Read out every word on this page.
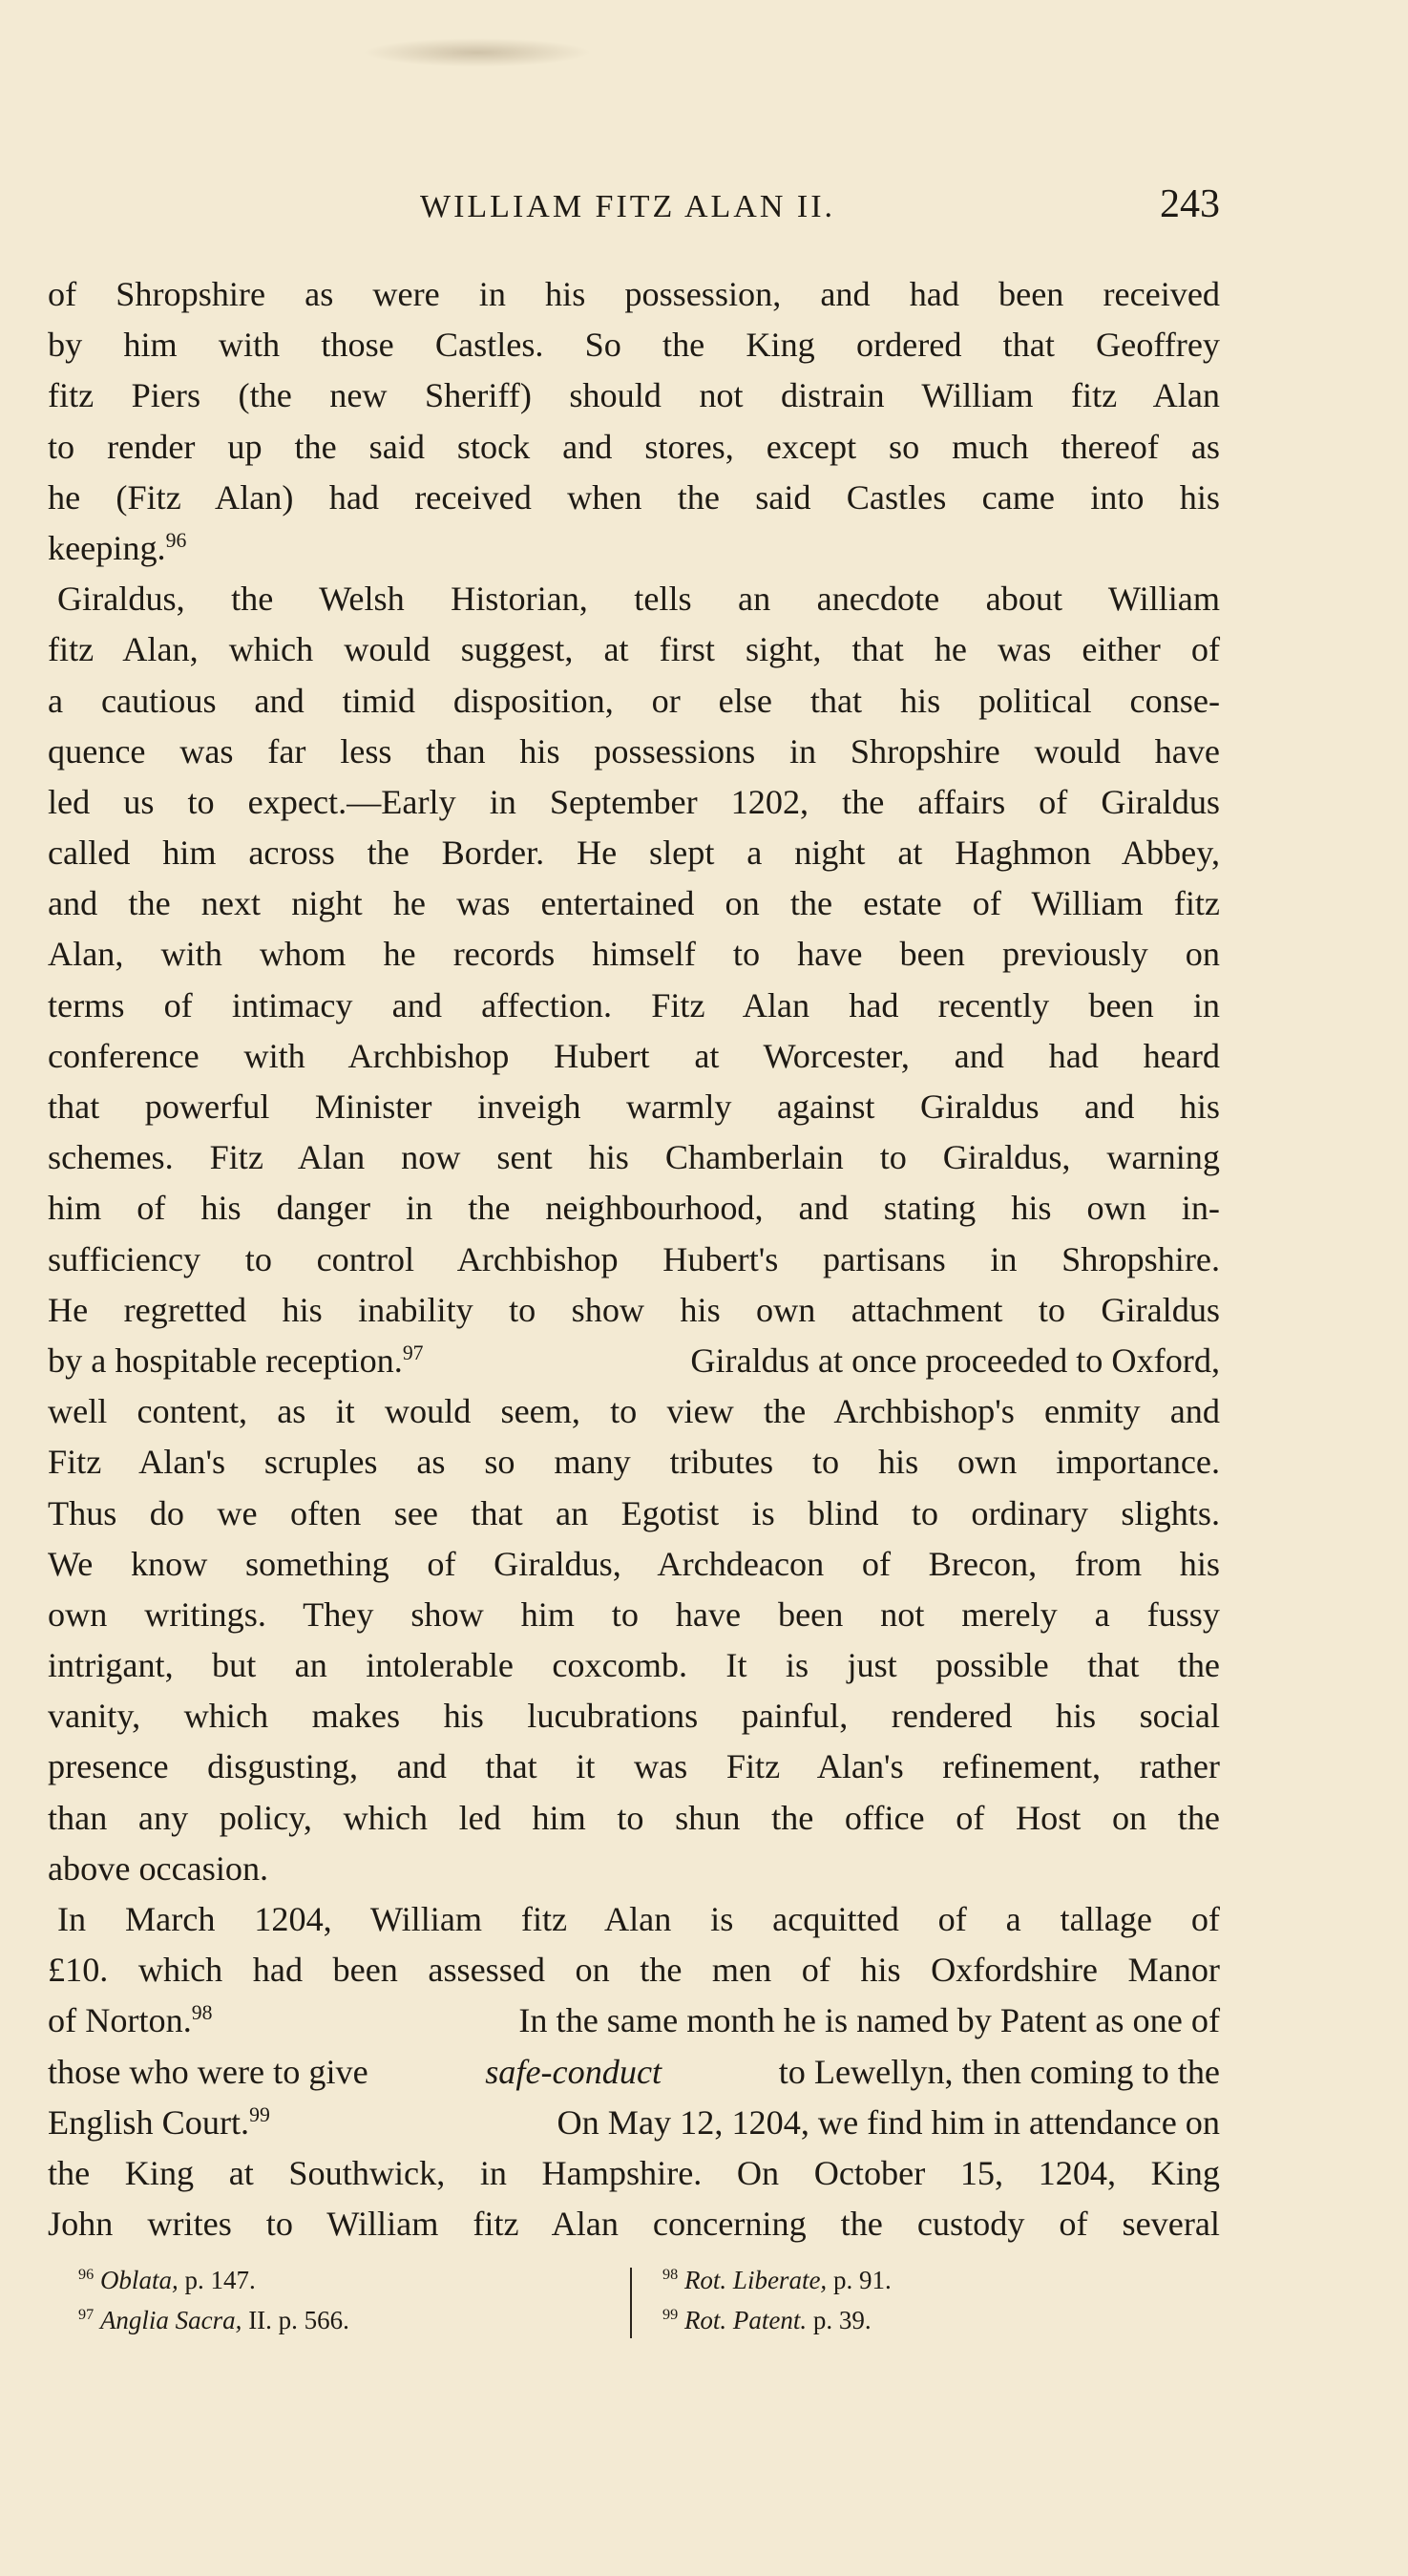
WILLIAM FITZ ALAN II.	243
of Shropshire as were in his possession, and had been received
by him with those Castles. So the King ordered that Geoffrey
fitz Piers (the new Sheriff) should not distrain William fitz Alan
to render up the said stock and stores, except so much thereof as
he (Fitz Alan) had received when the said Castles came into his
keeping.$^{96}$
Giraldus, the Welsh Historian, tells an anecdote about William
fitz Alan, which would suggest, at first sight, that he was either of
a cautious and timid disposition, or else that his political conse-
quence was far less than his possessions in Shropshire would have
led us to expect.—Early in September 1202, the affairs of Giraldus
called him across the Border. He slept a night at Haghmon Abbey,
and the next night he was entertained on the estate of William fitz
Alan, with whom he records himself to have been previously on
terms of intimacy and affection. Fitz Alan had recently been in
conference with Archbishop Hubert at Worcester, and had heard
that powerful Minister inveigh warmly against Giraldus and his
schemes. Fitz Alan now sent his Chamberlain to Giraldus, warning
him of his danger in the neighbourhood, and stating his own in-
sufficiency to control Archbishop Hubert's partisans in Shropshire.
He regretted his inability to show his own attachment to Giraldus
by a hospitable reception.$^{97}$	Giraldus at once proceeded to Oxford,
well content, as it would seem, to view the Archbishop's enmity and
Fitz Alan's scruples as so many tributes to his own importance.
Thus do we often see that an Egotist is blind to ordinary slights.
We know something of Giraldus, Archdeacon of Brecon, from his
own writings. They show him to have been not merely a fussy
intrigant, but an intolerable coxcomb. It is just possible that the
vanity, which makes his lucubrations painful, rendered his social
presence disgusting, and that it was Fitz Alan's refinement, rather
than any policy, which led him to shun the office of Host on the
above occasion.
In March 1204, William fitz Alan is acquitted of a tallage of
£10. which had been assessed on the men of his Oxfordshire Manor
of Norton.$^{98}$	In the same month he is named by Patent as one of
those who were to give	safe-conduct	to Lewellyn, then coming to the
English Court.$^{99}$	On May 12, 1204, we find him in attendance on
the King at Southwick, in Hampshire. On October 15, 1204, King
John writes to William fitz Alan concerning the custody of several
$^{96}$ Oblata, p. 147.
$^{97}$ Anglia Sacra, II. p. 566.
$^{98}$ Rot. Liberate, p. 91.
$^{99}$ Rot. Patent. p. 39.
